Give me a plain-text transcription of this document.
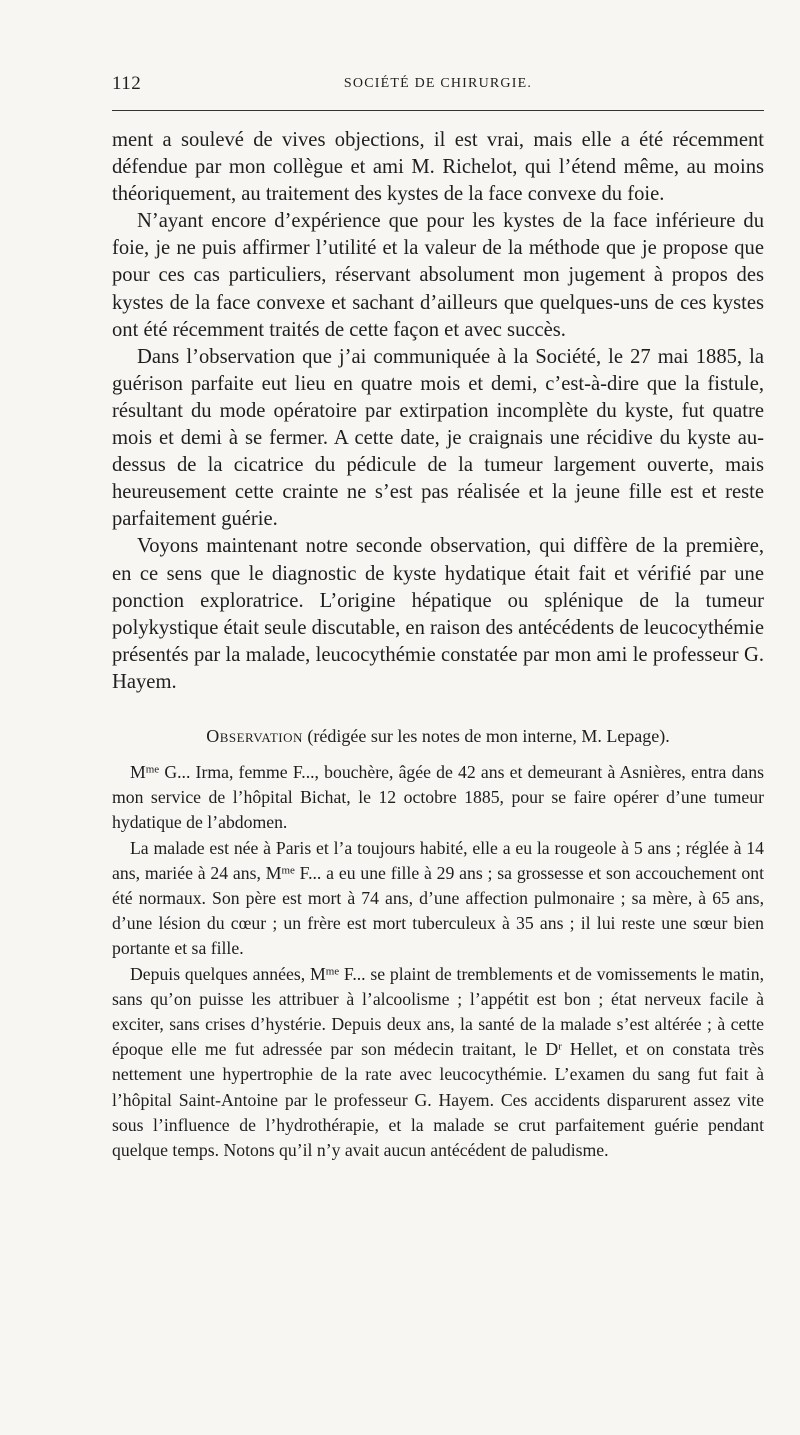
112	SOCIÉTÉ DE CHIRURGIE.

ment a soulevé de vives objections, il est vrai, mais elle a été récemment défendue par mon collègue et ami M. Richelot, qui l’étend même, au moins théoriquement, au traitement des kystes de la face convexe du foie.

N’ayant encore d’expérience que pour les kystes de la face inférieure du foie, je ne puis affirmer l’utilité et la valeur de la méthode que je propose que pour ces cas particuliers, réservant absolument mon jugement à propos des kystes de la face convexe et sachant d’ailleurs que quelques-uns de ces kystes ont été récemment traités de cette façon et avec succès.

Dans l’observation que j’ai communiquée à la Société, le 27 mai 1885, la guérison parfaite eut lieu en quatre mois et demi, c’est-à-dire que la fistule, résultant du mode opératoire par extirpation incomplète du kyste, fut quatre mois et demi à se fermer. A cette date, je craignais une récidive du kyste au-dessus de la cicatrice du pédicule de la tumeur largement ouverte, mais heureusement cette crainte ne s’est pas réalisée et la jeune fille est et reste parfaitement guérie.

Voyons maintenant notre seconde observation, qui diffère de la première, en ce sens que le diagnostic de kyste hydatique était fait et vérifié par une ponction exploratrice. L’origine hépatique ou splénique de la tumeur polykystique était seule discutable, en raison des antécédents de leucocythémie présentés par la malade, leucocythémie constatée par mon ami le professeur G. Hayem.

Observation (rédigée sur les notes de mon interne, M. Lepage).

$M^{me}$ G... Irma, femme F..., bouchère, âgée de 42 ans et demeurant à Asnières, entra dans mon service de l’hôpital Bichat, le 12 octobre 1885, pour se faire opérer d’une tumeur hydatique de l’abdomen.

La malade est née à Paris et l’a toujours habité, elle a eu la rougeole à 5 ans ; réglée à 14 ans, mariée à 24 ans, $M^{me}$ F... a eu une fille à 29 ans ; sa grossesse et son accouchement ont été normaux. Son père est mort à 74 ans, d’une affection pulmonaire ; sa mère, à 65 ans, d’une lésion du cœur ; un frère est mort tuberculeux à 35 ans ; il lui reste une sœur bien portante et sa fille.

Depuis quelques années, $M^{me}$ F... se plaint de tremblements et de vomissements le matin, sans qu’on puisse les attribuer à l’alcoolisme ; l’appétit est bon ; état nerveux facile à exciter, sans crises d’hystérie. Depuis deux ans, la santé de la malade s’est altérée ; à cette époque elle me fut adressée par son médecin traitant, le $D^r$ Hellet, et on constata très nettement une hypertrophie de la rate avec leucocythémie. L’examen du sang fut fait à l’hôpital Saint-Antoine par le professeur G. Hayem. Ces accidents disparurent assez vite sous l’influence de l’hydrothérapie, et la malade se crut parfaitement guérie pendant quelque temps. Notons qu’il n’y avait aucun antécédent de paludisme.
